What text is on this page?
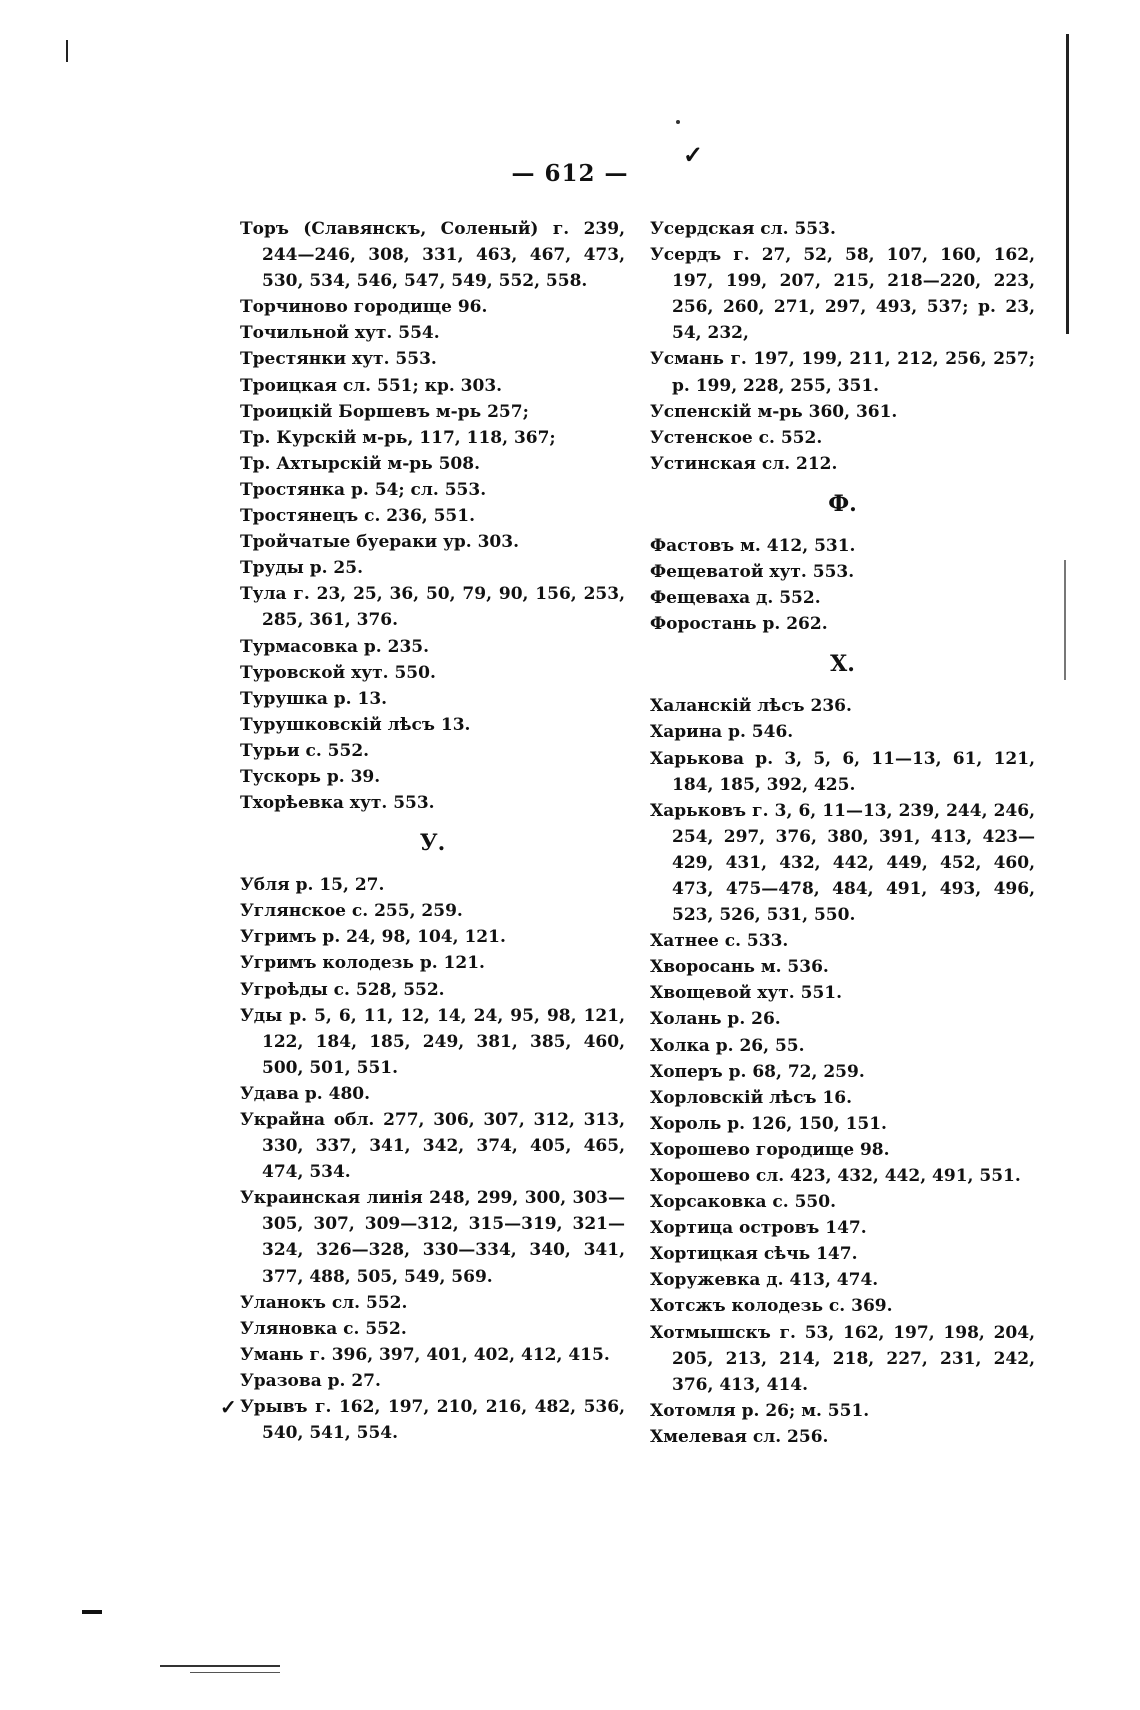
— 612 —
✓
Торъ (Славянскъ, Соленый) г. 239, 244—246, 308, 331, 463, 467, 473, 530, 534, 546, 547, 549, 552, 558.
Торчиново городище 96.
Точильной хут. 554.
Трестянки хут. 553.
Троицкая сл. 551; кр. 303.
Троицкій Боршевъ м-рь 257;
Тр. Курскій м-рь, 117, 118, 367;
Тр. Ахтырскій м-рь 508.
Тростянка р. 54; сл. 553.
Тростянецъ с. 236, 551.
Тройчатые буераки ур. 303.
Труды р. 25.
Тула г. 23, 25, 36, 50, 79, 90, 156, 253, 285, 361, 376.
Турмасовка р. 235.
Туровской хут. 550.
Турушка р. 13.
Турушковскій лѣсъ 13.
Турьи с. 552.
Тускорь р. 39.
Тхорѣевка хут. 553.
У.
Убля р. 15, 27.
Углянское с. 255, 259.
Угримъ р. 24, 98, 104, 121.
Угримъ колодезь р. 121.
Угроѣды с. 528, 552.
Уды р. 5, 6, 11, 12, 14, 24, 95, 98, 121, 122, 184, 185, 249, 381, 385, 460, 500, 501, 551.
Удава р. 480.
Украйна обл. 277, 306, 307, 312, 313, 330, 337, 341, 342, 374, 405, 465, 474, 534.
Украинская линія 248, 299, 300, 303—305, 307, 309—312, 315—319, 321—324, 326—328, 330—334, 340, 341, 377, 488, 505, 549, 569.
Уланокъ сл. 552.
Уляновка с. 552.
Умань г. 396, 397, 401, 402, 412, 415.
Уразова р. 27.
✓ Урывъ г. 162, 197, 210, 216, 482, 536, 540, 541, 554.
Усердская сл. 553.
Усердъ г. 27, 52, 58, 107, 160, 162, 197, 199, 207, 215, 218—220, 223, 256, 260, 271, 297, 493, 537; р. 23, 54, 232,
Усмань г. 197, 199, 211, 212, 256, 257; р. 199, 228, 255, 351.
Успенскій м-рь 360, 361.
Устенское с. 552.
Устинская сл. 212.
Ф.
Фастовъ м. 412, 531.
Фещеватой хут. 553.
Фещеваха д. 552.
Форостань р. 262.
Х.
Халанскій лѣсъ 236.
Харина р. 546.
Харькова р. 3, 5, 6, 11—13, 61, 121, 184, 185, 392, 425.
Харьковъ г. 3, 6, 11—13, 239, 244, 246, 254, 297, 376, 380, 391, 413, 423—429, 431, 432, 442, 449, 452, 460, 473, 475—478, 484, 491, 493, 496, 523, 526, 531, 550.
Хатнее с. 533.
Хворосань м. 536.
Хвощевой хут. 551.
Холань р. 26.
Холка р. 26, 55.
Хоперъ р. 68, 72, 259.
Хорловскій лѣсъ 16.
Хороль р. 126, 150, 151.
Хорошево городище 98.
Хорошево сл. 423, 432, 442, 491, 551.
Хорсаковка с. 550.
Хортица островъ 147.
Хортицкая сѣчь 147.
Хоружевка д. 413, 474.
Хотсжъ колодезь с. 369.
Хотмышскъ г. 53, 162, 197, 198, 204, 205, 213, 214, 218, 227, 231, 242, 376, 413, 414.
Хотомля р. 26; м. 551.
Хмелевая сл. 256.
